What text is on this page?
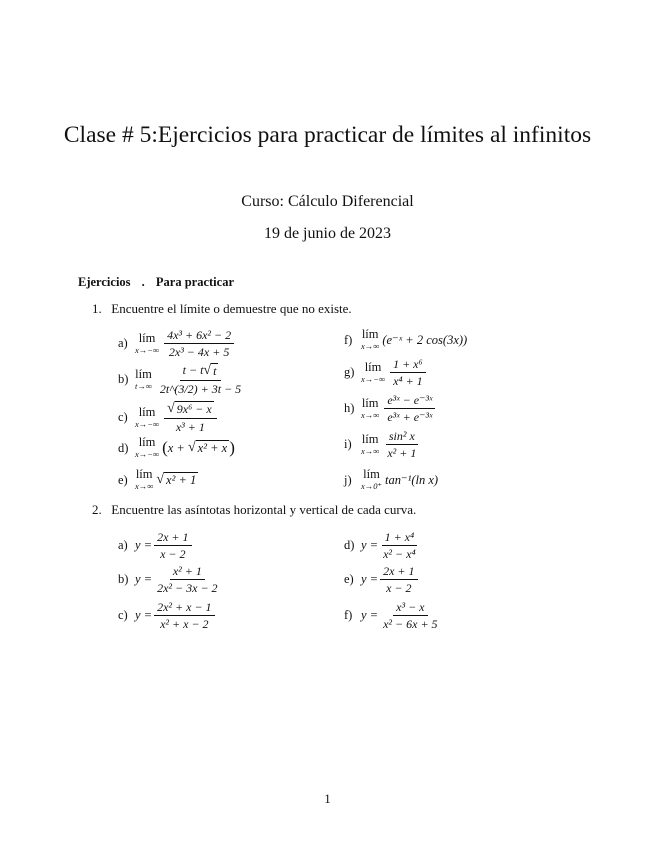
Clase # 5:Ejercicios para practicar de límites al infinitos
Curso: Cálculo Diferencial
19 de junio de 2023
Ejercicios . Para practicar
1. Encuentre el límite o demuestre que no existe.
a) lím
$x\to-\infty \frac{\text{4x³ + 6x² − 2}}{\text{2x³ − 4x + 5}}$
b) lím
$t\to\infty \frac{t - t √ t}{2t\^{}(3/2) + 3t - 5}$
c) lím
$x\to-\infty \frac{\text{√ 9x⁶ − x}}{\text{x³ + 1}}$
d) lím
x→−∞ ( x +
√ x² + x )
e) lím
x→∞ √ x² + 1
f) lím
x→∞ (e⁻ˣ + 2 cos(3x))
g) lím
$x\to-\infty \frac{\text{1 + x⁶}}{\text{x⁴ + 1}}$
h) lím
$x\to\infty \frac{\text{e³ˣ − e⁻³ˣ}}{\text{e³ˣ + e⁻³ˣ}}$
i) lím
$x\to\infty \frac{\text{sin² x}}{\text{x² + 1}}$
j) lím
x→0⁺ tan⁻¹(ln x)
2. Encuentre las asíntotas horizontal y vertical de cada curva.
a) $y = \frac{2x + 1}{x - 2}$
b) $y = \frac{\text{x² + 1}}{\text{2x² − 3x − 2}}$
c) $y = \frac{\text{2x² + x − 1}}{\text{x² + x − 2}}$
d) $y = \frac{\text{1 + x⁴}}{\text{x² − x⁴}}$
e) $y = \frac{2x + 1}{x - 2}$
f) $y = \frac{\text{x³ − x}}{\text{x² − 6x + 5}}$
1
